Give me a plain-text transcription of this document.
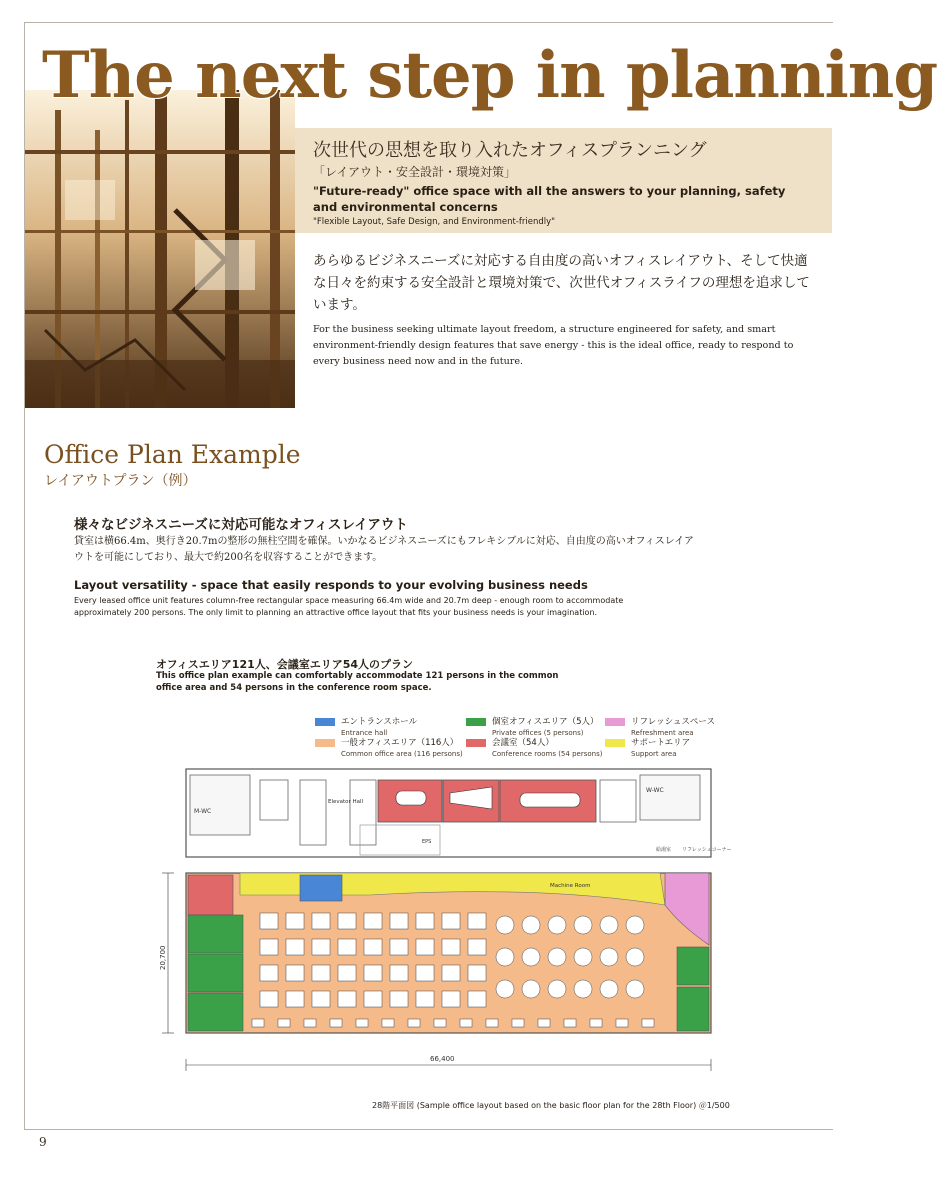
The next step in planning
次世代の思想を取り入れたオフィスプランニング
「レイアウト・安全設計・環境対策」
"Future-ready" office space with all the answers to your planning, safety and environmental concerns
"Flexible Layout, Safe Design, and Environment-friendly"
あらゆるビジネスニーズに対応する自由度の高いオフィスレイアウト、そして快適な日々を約束する安全設計と環境対策で、次世代オフィスライフの理想を追求しています。
For the business seeking ultimate layout freedom, a structure engineered for safety, and smart environment-friendly design features that save energy - this is the ideal office, ready to respond to every business need now and in the future.
Office Plan Example
レイアウトプラン（例）
様々なビジネスニーズに対応可能なオフィスレイアウト
貸室は横66.4m、奥行き20.7mの整形の無柱空間を確保。いかなるビジネスニーズにもフレキシブルに対応、自由度の高いオフィスレイアウトを可能にしており、最大で約200名を収容することができます。
Layout versatility - space that easily responds to your evolving business needs
Every leased office unit features column-free rectangular space measuring 66.4m wide and 20.7m deep - enough room to accommodate approximately 200 persons. The only limit to planning an attractive office layout that fits your business needs is your imagination.
オフィスエリア121人、会議室エリア54人のプラン
This office plan example can comfortably accommodate 121 persons in the common office area and 54 persons in the conference room space.
エントランスホール
Entrance hall
一般オフィスエリア（116人）
Common office area (116 persons)
個室オフィスエリア（5人）
Private offices (5 persons)
会議室（54人）
Conference rooms (54 persons)
リフレッシュスペース
Refreshment area
サポートエリア
Support area
M-WC
W-WC
Elevator Hall
EPS
リフレッシュコーナー
給湯室
Machine Room
66,400
20,700
28階平面図 (Sample office layout based on the basic floor plan for the 28th Floor) ＠1/500
9
